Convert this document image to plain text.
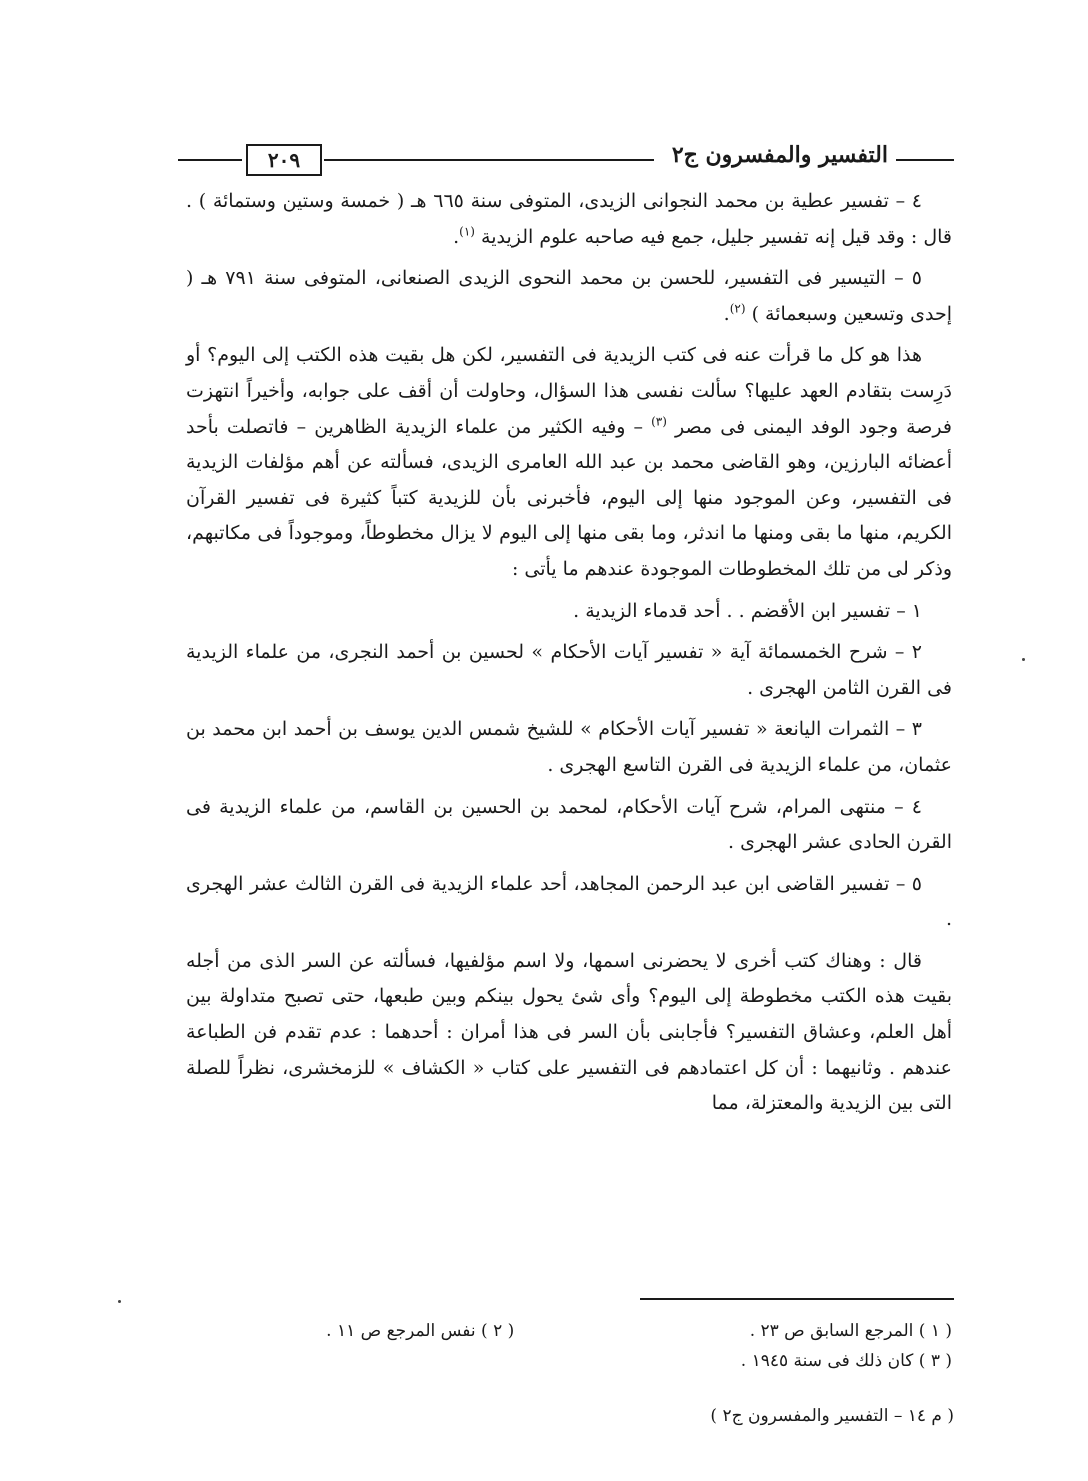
التفسير والمفسرون ج٢
٢٠٩

٤ – تفسير عطية بن محمد النجوانى الزيدى، المتوفى سنة ٦٦٥ هـ ( خمسة وستين وستمائة ) . قال : وقد قيل إنه تفسير جليل، جمع فيه صاحبه علوم الزيدية $^{(١)}$.

٥ – التيسير فى التفسير، للحسن بن محمد النحوى الزيدى الصنعانى، المتوفى سنة ٧٩١ هـ ( إحدى وتسعين وسبعمائة ) $^{(٢)}$.

هذا هو كل ما قرأت عنه فى كتب الزيدية فى التفسير، لكن هل بقيت هذه الكتب إلى اليوم؟ أو دَرِست بتقادم العهد عليها؟ سألت نفسى هذا السؤال، وحاولت أن أقف على جوابه، وأخيراً انتهزت فرصة وجود الوفد اليمنى فى مصر $^{(٣)}$ – وفيه الكثير من علماء الزيدية الظاهرين – فاتصلت بأحد أعضائه البارزين، وهو القاضى محمد بن عبد الله العامرى الزيدى، فسألته عن أهم مؤلفات الزيدية فى التفسير، وعن الموجود منها إلى اليوم، فأخبرنى بأن للزيدية كتباً كثيرة فى تفسير القرآن الكريم، منها ما بقى ومنها ما اندثر، وما بقى منها إلى اليوم لا يزال مخطوطاً، وموجوداً فى مكاتبهم، وذكر لى من تلك المخطوطات الموجودة عندهم ما يأتى :

١ – تفسير ابن الأقضم . . أحد قدماء الزيدية .

٢ – شرح الخمسمائة آية « تفسير آيات الأحكام » لحسين بن أحمد النجرى، من علماء الزيدية فى القرن الثامن الهجرى .

٣ – الثمرات اليانعة « تفسير آيات الأحكام » للشيخ شمس الدين يوسف بن أحمد ابن محمد بن عثمان، من علماء الزيدية فى القرن التاسع الهجرى .

٤ – منتهى المرام، شرح آيات الأحكام، لمحمد بن الحسين بن القاسم، من علماء الزيدية فى القرن الحادى عشر الهجرى .

٥ – تفسير القاضى ابن عبد الرحمن المجاهد، أحد علماء الزيدية فى القرن الثالث عشر الهجرى .

قال : وهناك كتب أخرى لا يحضرنى اسمها، ولا اسم مؤلفيها، فسألته عن السر الذى من أجله بقيت هذه الكتب مخطوطة إلى اليوم؟ وأى شئ يحول بينكم وبين طبعها، حتى تصبح متداولة بين أهل العلم، وعشاق التفسير؟ فأجابنى بأن السر فى هذا أمران : أحدهما : عدم تقدم فن الطباعة عندهم . وثانيهما : أن كل اعتمادهم فى التفسير على كتاب « الكشاف » للزمخشرى، نظراً للصلة التى بين الزيدية والمعتزلة، مما

( ١ ) المرجع السابق ص ٢٣ .
( ٢ ) نفس المرجع ص ١١ .
( ٣ ) كان ذلك فى سنة ١٩٤٥ .
( م ١٤ – التفسير والمفسرون ج٢ )
